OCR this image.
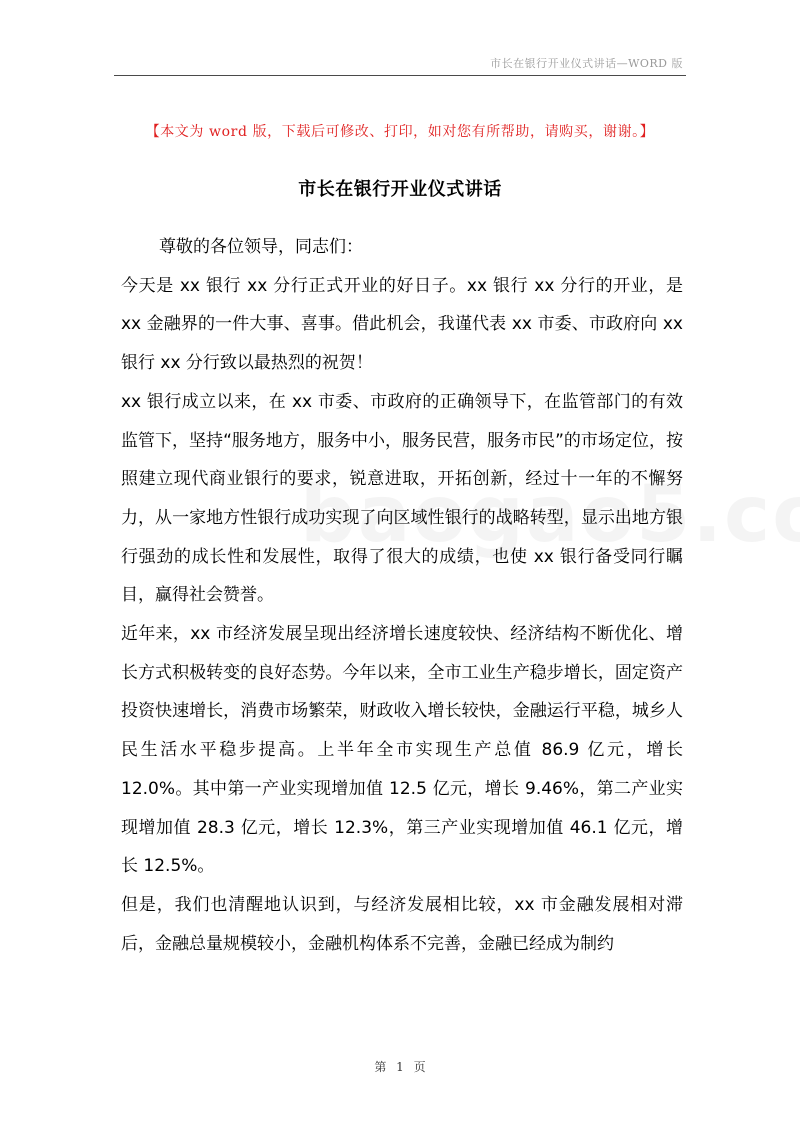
市长在银行开业仪式讲话—WORD 版
【本文为 word 版，下载后可修改、打印，如对您有所帮助，请购买，谢谢。】
市长在银行开业仪式讲话

尊敬的各位领导，同志们：

今天是 xx 银行 xx 分行正式开业的好日子。xx 银行 xx 分行的开业，是 xx 金融界的一件大事、喜事。借此机会，我谨代表 xx 市委、市政府向 xx 银行 xx 分行致以最热烈的祝贺！

xx 银行成立以来，在 xx 市委、市政府的正确领导下，在监管部门的有效监管下，坚持“服务地方，服务中小，服务民营，服务市民”的市场定位，按照建立现代商业银行的要求，锐意进取，开拓创新，经过十一年的不懈努力，从一家地方性银行成功实现了向区域性银行的战略转型，显示出地方银行强劲的成长性和发展性，取得了很大的成绩，也使 xx 银行备受同行瞩目，赢得社会赞誉。

近年来，xx 市经济发展呈现出经济增长速度较快、经济结构不断优化、增长方式积极转变的良好态势。今年以来，全市工业生产稳步增长，固定资产投资快速增长，消费市场繁荣，财政收入增长较快，金融运行平稳，城乡人民生活水平稳步提高。上半年全市实现生产总值 86.9 亿元，增长 12.0%。其中第一产业实现增加值 12.5 亿元，增长 9.46%，第二产业实现增加值 28.3 亿元，增长 12.3%，第三产业实现增加值 46.1 亿元，增长 12.5%。

但是，我们也清醒地认识到，与经济发展相比较，xx 市金融发展相对滞后，金融总量规模较小，金融机构体系不完善，金融已经成为制约

第 1 页
